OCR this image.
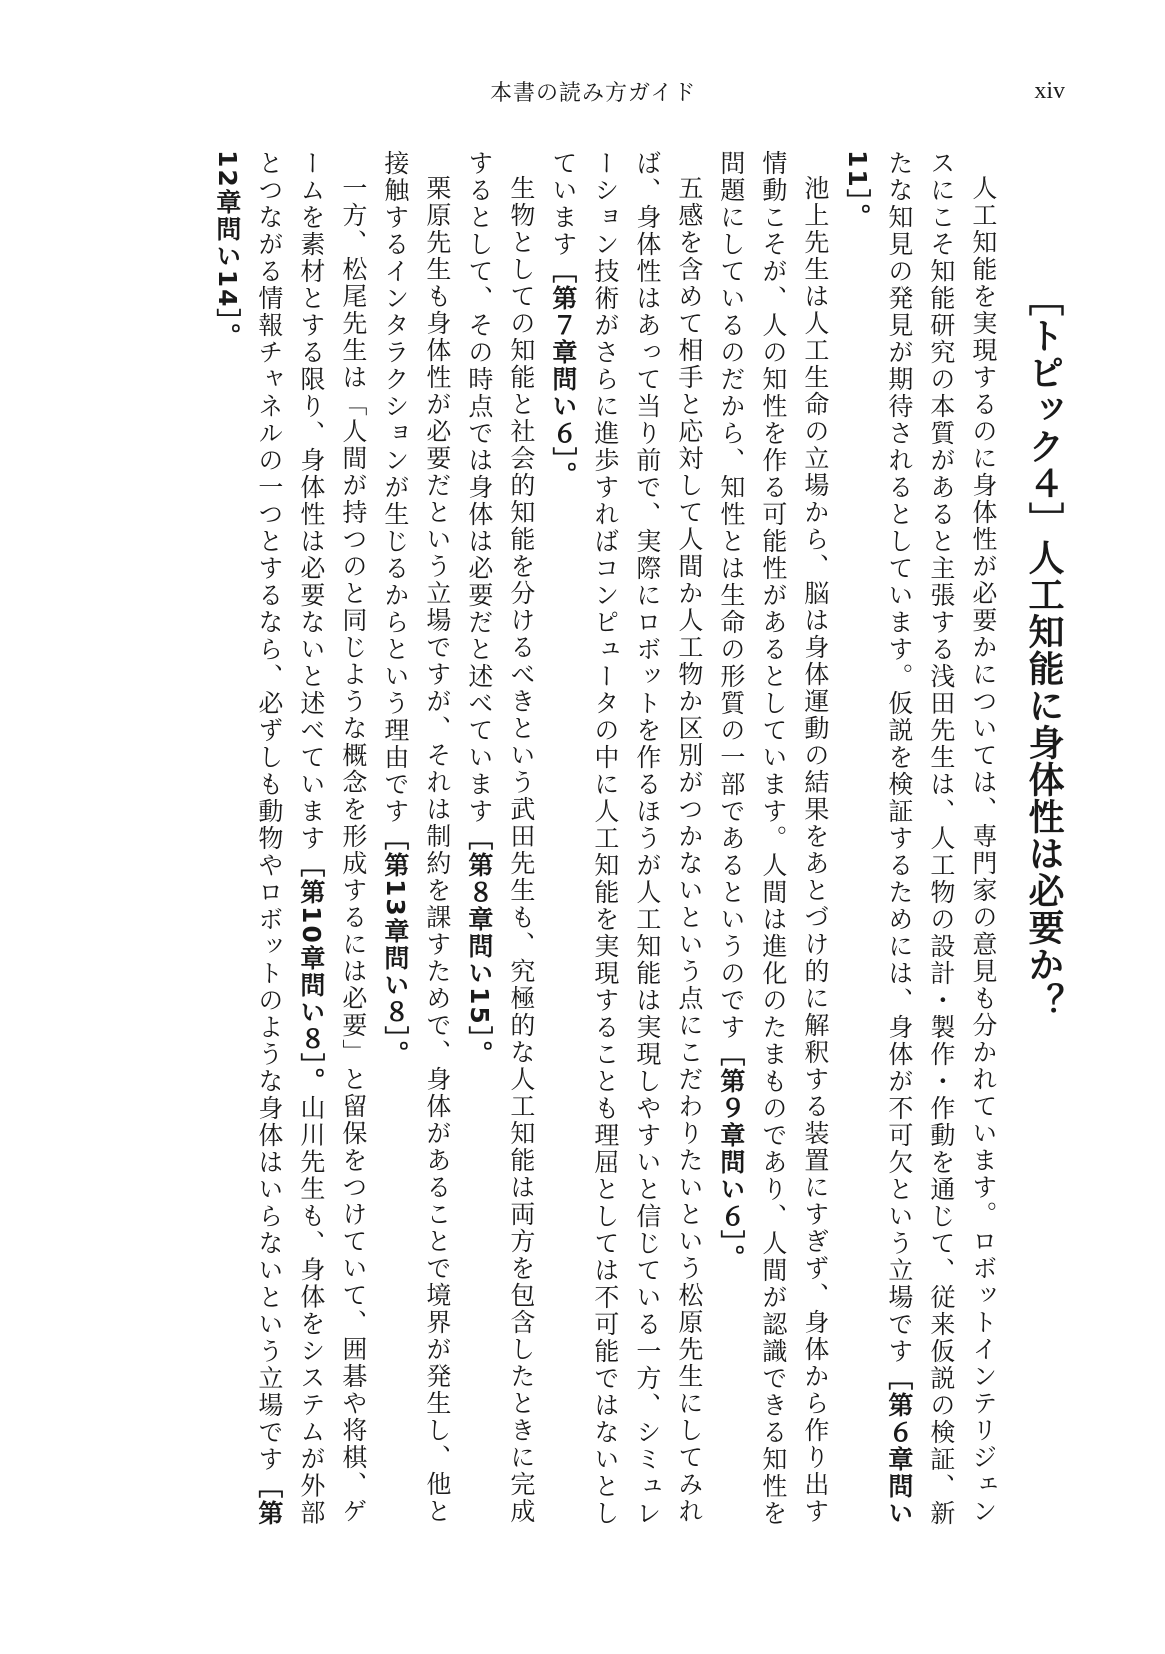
本書の読み方ガイド	xiv
［トピック４］人工知能に身体性は必要か？

人工知能を実現するのに身体性が必要かについては、専門家の意見も分かれています。ロボットインテリジェンスにこそ知能研究の本質があると主張する浅田先生は、人工物の設計・製作・作動を通じて、従来仮説の検証、新たな知見の発見が期待されるとしています。仮説を検証するためには、身体が不可欠という立場です［第６章問い11］。

池上先生は人工生命の立場から、脳は身体運動の結果をあとづけ的に解釈する装置にすぎず、身体から作り出す情動こそが、人の知性を作る可能性があるとしています。人間は進化のたまものであり、人間が認識できる知性を問題にしているのだから、知性とは生命の形質の一部であるというのです［第９章問い６］。

五感を含めて相手と応対して人間か人工物か区別がつかないという点にこだわりたいという松原先生にしてみれば、身体性はあって当り前で、実際にロボットを作るほうが人工知能は実現しやすいと信じている一方、シミュレーション技術がさらに進歩すればコンピュータの中に人工知能を実現することも理屈としては不可能ではないとしています［第７章問い６］。

生物としての知能と社会的知能を分けるべきという武田先生も、究極的な人工知能は両方を包含したときに完成するとして、その時点では身体は必要だと述べています［第８章問い15］。

栗原先生も身体性が必要だという立場ですが、それは制約を課すためで、身体があることで境界が発生し、他と接触するインタラクションが生じるからという理由です［第13章問い８］。

一方、松尾先生は「人間が持つのと同じような概念を形成するには必要」と留保をつけていて、囲碁や将棋、ゲームを素材とする限り、身体性は必要ないと述べています［第10章問い８］。山川先生も、身体をシステムが外部とつながる情報チャネルの一つとするなら、必ずしも動物やロボットのような身体はいらないという立場です［第12章問い14］。
